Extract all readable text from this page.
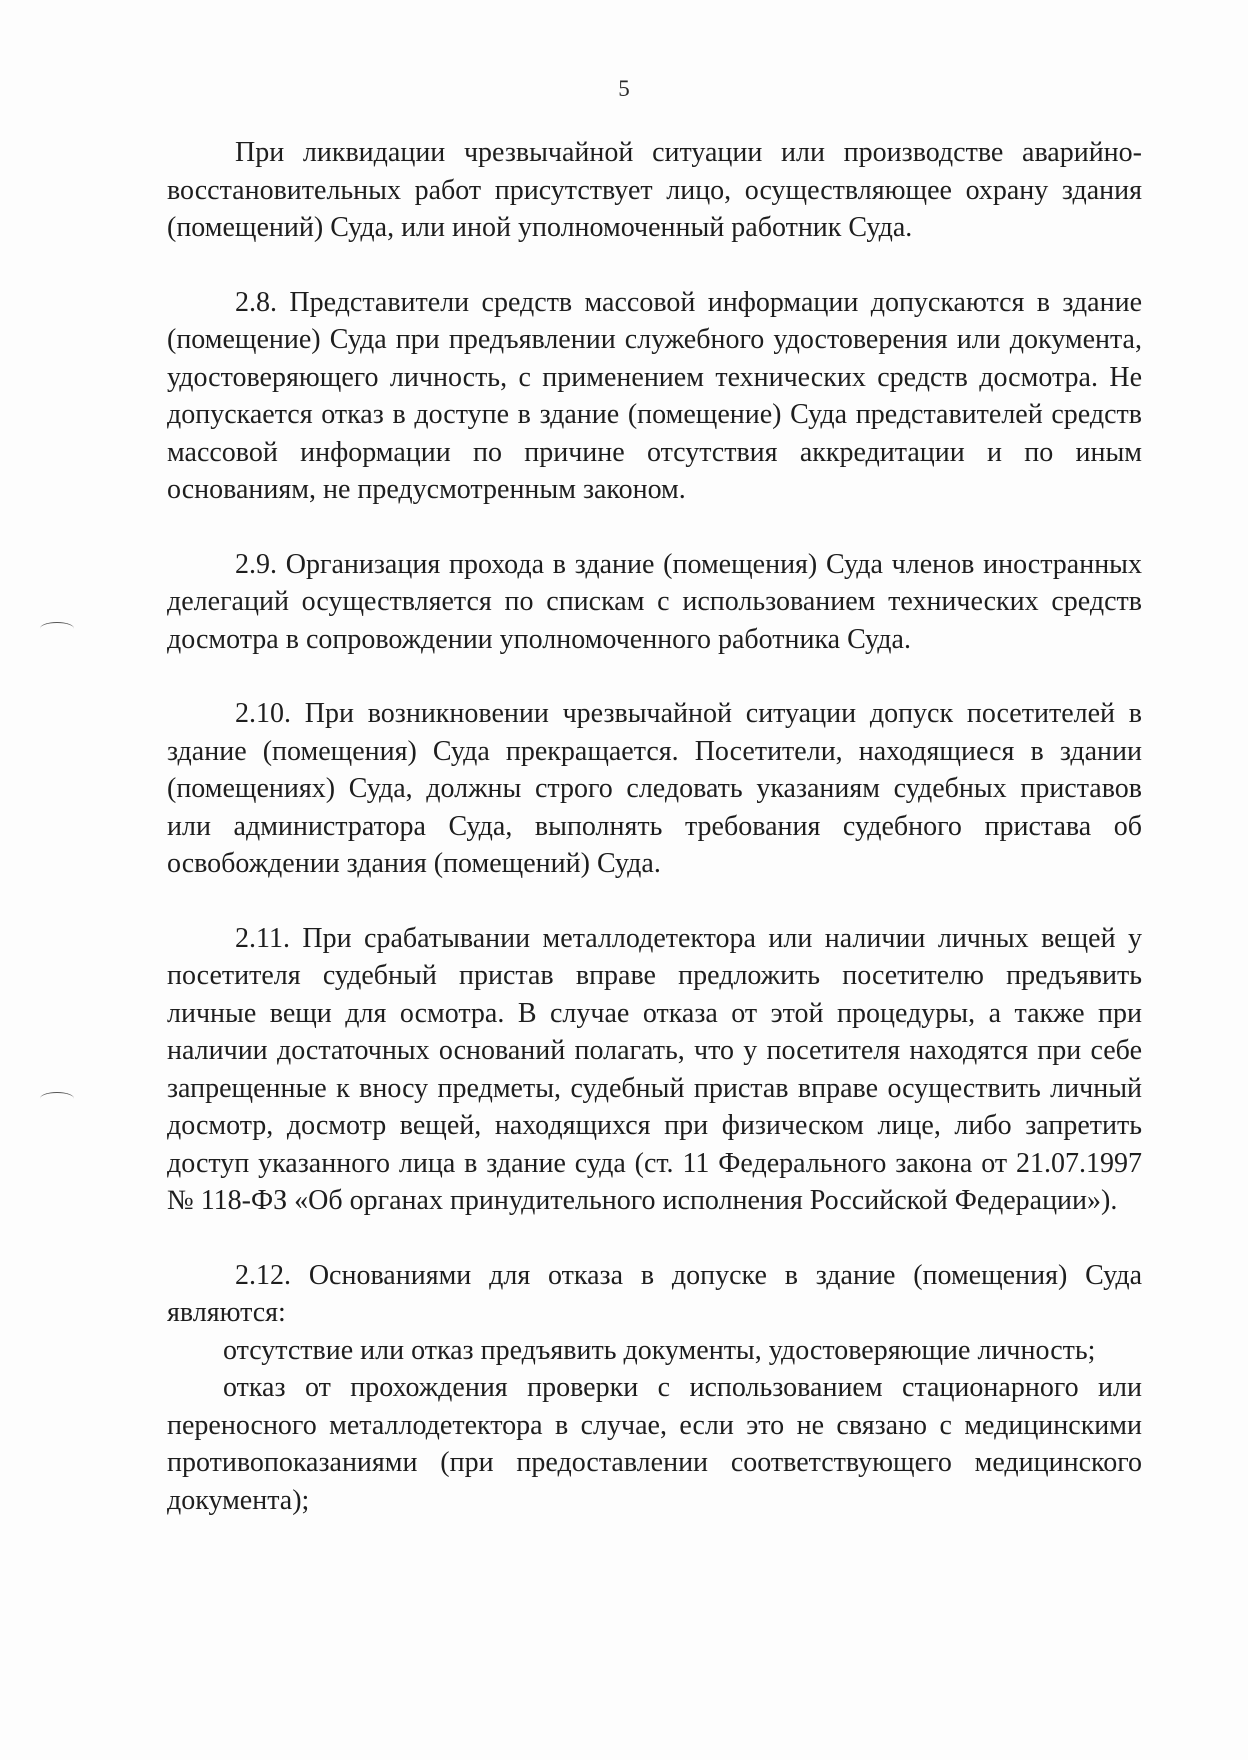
5

При ликвидации чрезвычайной ситуации или производстве аварийно-восстановительных работ присутствует лицо, осуществляющее охрану здания (помещений) Суда, или иной уполномоченный работник Суда.

2.8. Представители средств массовой информации допускаются в здание (помещение) Суда при предъявлении служебного удостоверения или документа, удостоверяющего личность, с применением технических средств досмотра. Не допускается отказ в доступе в здание (помещение) Суда представителей средств массовой информации по причине отсутствия аккредитации и по иным основаниям, не предусмотренным законом.

2.9. Организация прохода в здание (помещения) Суда членов иностранных делегаций осуществляется по спискам с использованием технических средств досмотра в сопровождении уполномоченного работника Суда.

2.10. При возникновении чрезвычайной ситуации допуск посетителей в здание (помещения) Суда прекращается. Посетители, находящиеся в здании (помещениях) Суда, должны строго следовать указаниям судебных приставов или администратора Суда, выполнять требования судебного пристава об освобождении здания (помещений) Суда.

2.11. При срабатывании металлодетектора или наличии личных вещей у посетителя судебный пристав вправе предложить посетителю предъявить личные вещи для осмотра. В случае отказа от этой процедуры, а также при наличии достаточных оснований полагать, что у посетителя находятся при себе запрещенные к вносу предметы, судебный пристав вправе осуществить личный досмотр, досмотр вещей, находящихся при физическом лице, либо запретить доступ указанного лица в здание суда (ст. 11 Федерального закона от 21.07.1997 № 118-ФЗ «Об органах принудительного исполнения Российской Федерации»).

2.12. Основаниями для отказа в допуске в здание (помещения) Суда являются:

отсутствие или отказ предъявить документы, удостоверяющие личность;

отказ от прохождения проверки с использованием стационарного или переносного металлодетектора в случае, если это не связано с медицинскими противопоказаниями (при предоставлении соответствующего медицинского документа);
